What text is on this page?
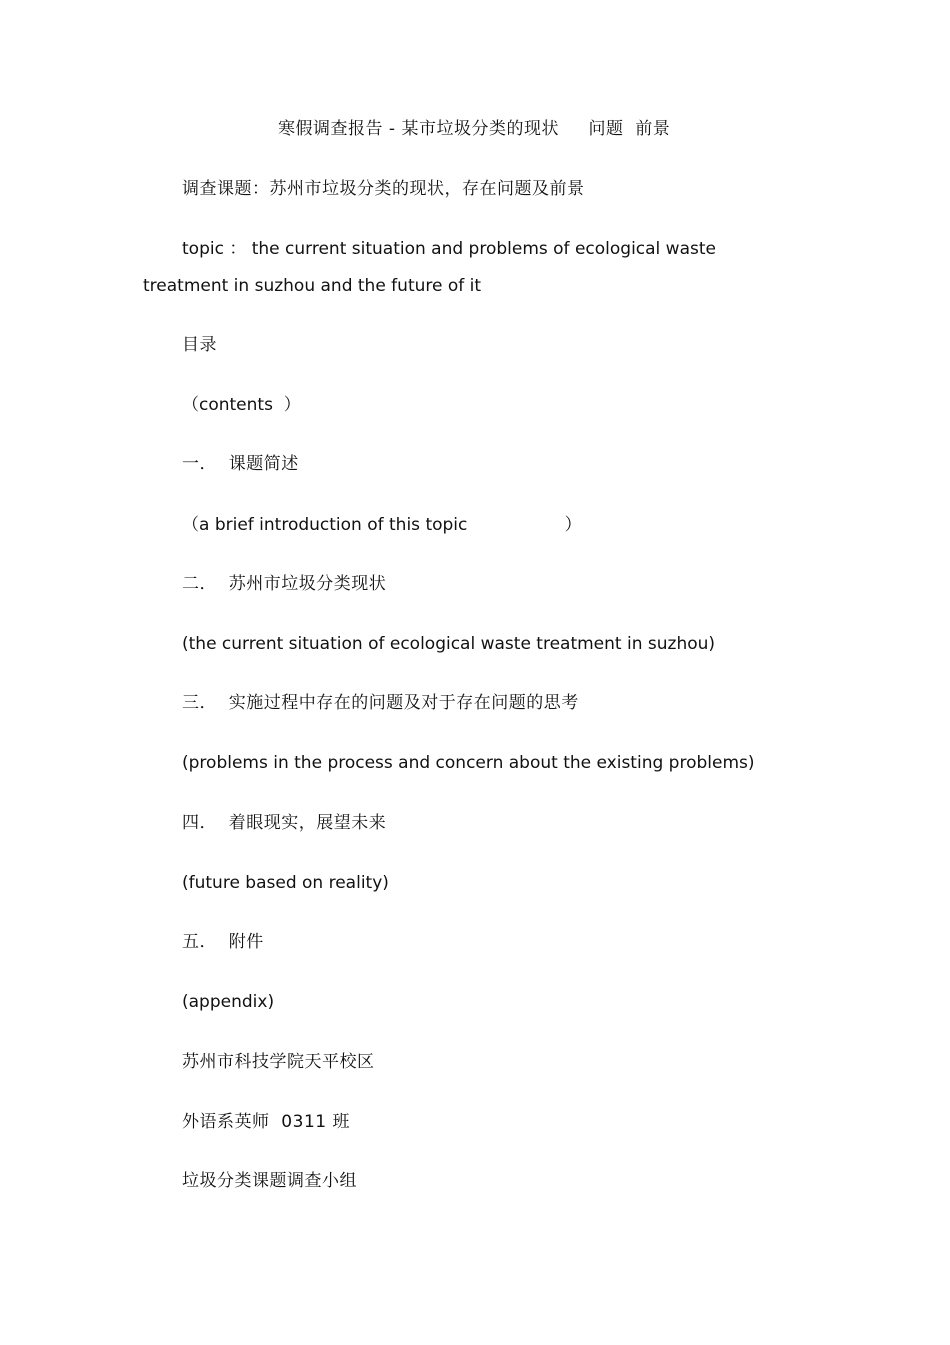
寒假调查报告 - 某市垃圾分类的现状     问题  前景
调查课题：苏州市垃圾分类的现状，存在问题及前景
topic ： the current situation and problems of ecological waste
treatment in suzhou and the future of it
目录
（contents  ）
一．  课题简述
（a brief introduction of this topic                  ）
二．  苏州市垃圾分类现状
(the current situation of ecological waste treatment in suzhou)
三．  实施过程中存在的问题及对于存在问题的思考
(problems in the process and concern about the existing problems)
四．  着眼现实，展望未来
(future based on reality)
五．  附件
(appendix)
苏州市科技学院天平校区
外语系英师  0311 班
垃圾分类课题调查小组
